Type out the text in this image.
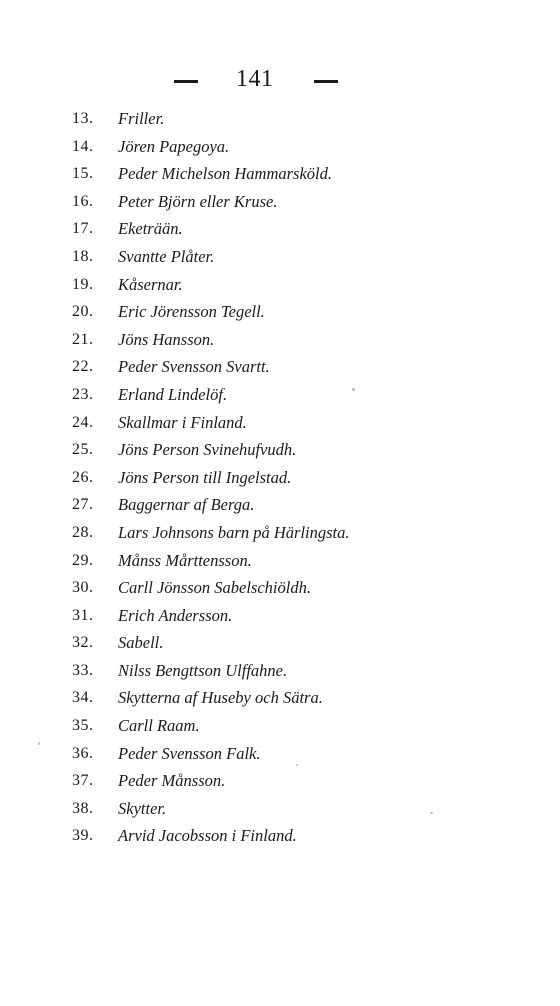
141
13.	Friller.
14.	Jören Papegoya.
15.	Peder Michelson Hammarsköld.
16.	Peter Björn eller Kruse.
17.	Eketrään.
18.	Svantte Plåter.
19.	Kåsernar.
20.	Eric Jörensson Tegell.
21.	Jöns Hansson.
22.	Peder Svensson Svartt.
23.	Erland Lindelöf.
24.	Skallmar i Finland.
25.	Jöns Person Svinehufvudh.
26.	Jöns Person till Ingelstad.
27.	Baggernar af Berga.
28.	Lars Johnsons barn på Härlingsta.
29.	Månss Mårttensson.
30.	Carll Jönsson Sabelschiöldh.
31.	Erich Andersson.
32.	Sabell.
33.	Nilss Bengttson Ulffahne.
34.	Skytterna af Huseby och Sätra.
35.	Carll Raam.
36.	Peder Svensson Falk.
37.	Peder Månsson.
38.	Skytter.
39.	Arvid Jacobsson i Finland.
